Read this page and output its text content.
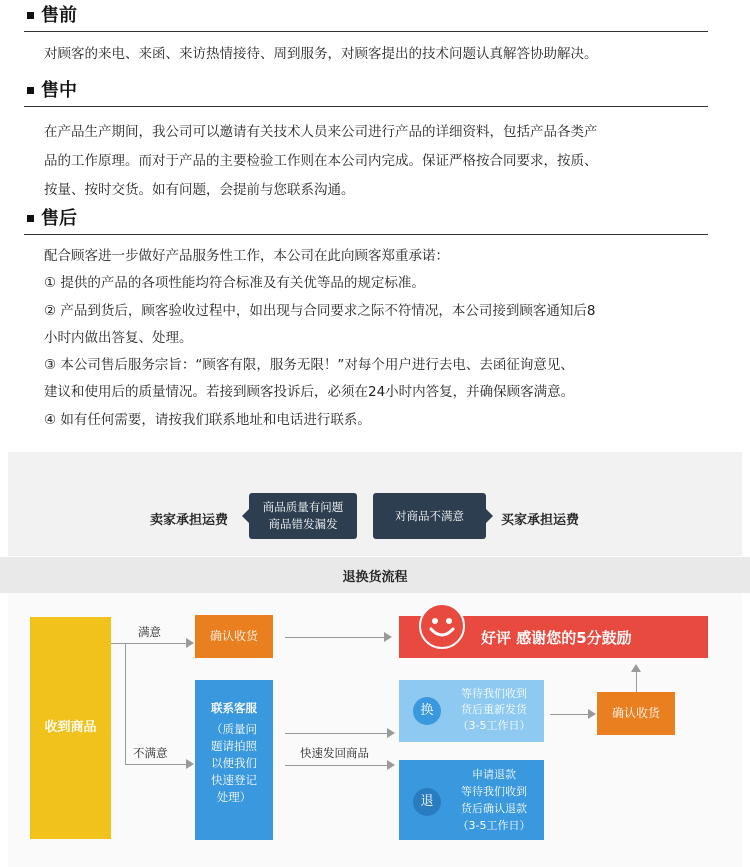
售前
对顾客的来电、来函、来访热情接待、周到服务，对顾客提出的技术问题认真解答协助解决。
售中
在产品生产期间，我公司可以邀请有关技术人员来公司进行产品的详细资料，包括产品各类产
品的工作原理。而对于产品的主要检验工作则在本公司内完成。保证严格按合同要求，按质、
按量、按时交货。如有问题，会提前与您联系沟通。
售后
配合顾客进一步做好产品服务性工作，本公司在此向顾客郑重承诺：
① 提供的产品的各项性能均符合标准及有关优等品的规定标准。
② 产品到货后，顾客验收过程中，如出现与合同要求之际不符情况，本公司接到顾客通知后8
小时内做出答复、处理。
③ 本公司售后服务宗旨：“顾客有限，服务无限！”对每个用户进行去电、去函征询意见、
建议和使用后的质量情况。若接到顾客投诉后，必须在24小时内答复，并确保顾客满意。
④ 如有任何需要，请按我们联系地址和电话进行联系。
卖家承担运费
商品质量有问题
商品错发漏发
对商品不满意	买家承担运费
退换货流程
收到商品
满意
不满意
确认收货	好评 感谢您的5分鼓励
联系客服
（质量问
题请拍照
以便我们
快速登记
处理）
快速发回商品
换
等待我们收到
货后重新发货
（3-5工作日）
退
申请退款
等待我们收到
货后确认退款
（3-5工作日）
确认收货
